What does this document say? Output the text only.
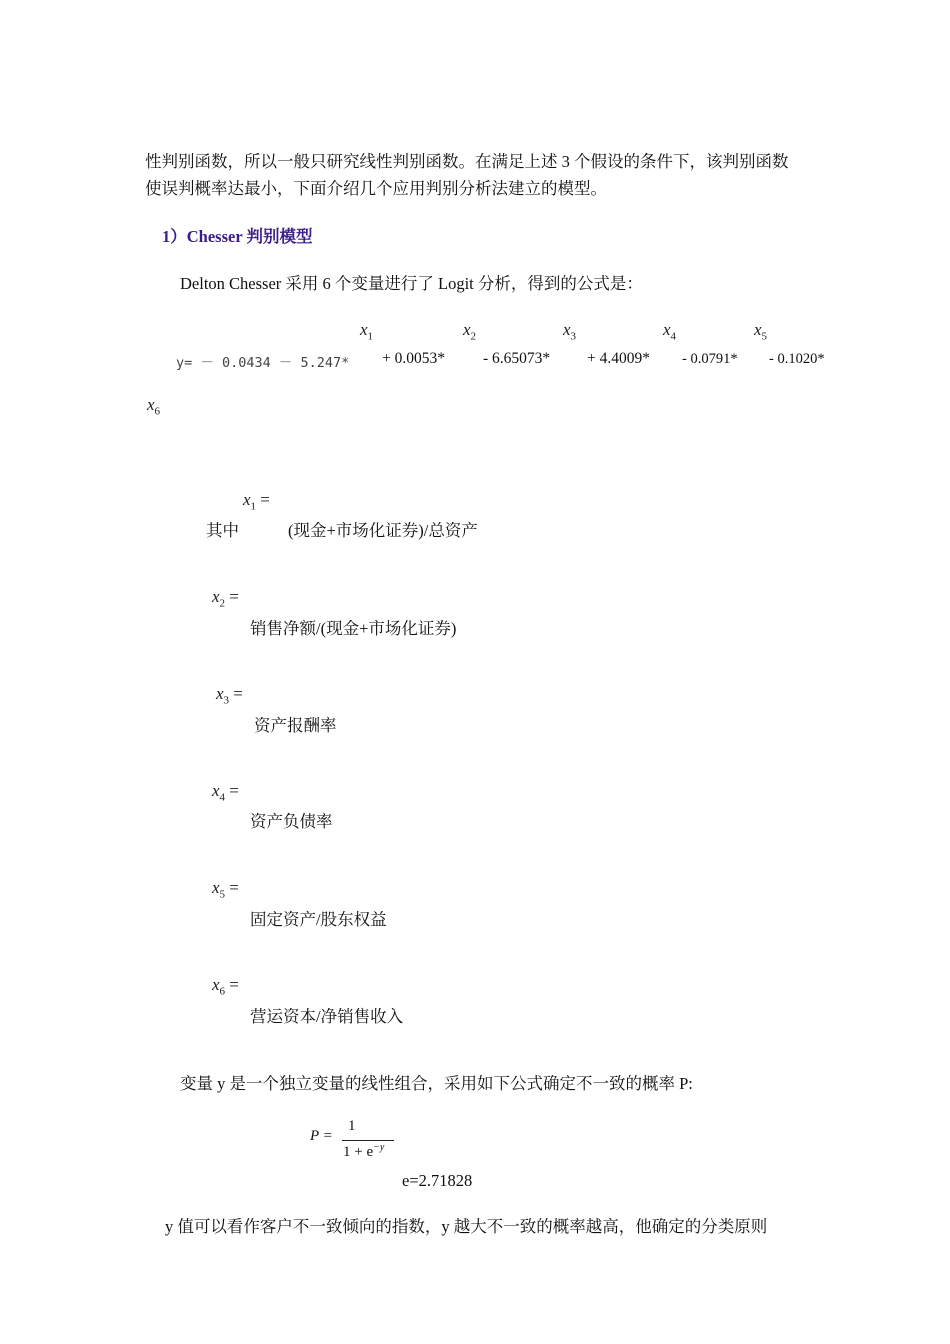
性判别函数，所以一般只研究线性判别函数。在满足上述 3 个假设的条件下，该判别函数
使误判概率达最小，下面介绍几个应用判别分析法建立的模型。
1）Chesser 判别模型
Delton Chesser 采用 6 个变量进行了 Logit 分析，得到的公式是：
$x_1$	$x_2$	$x_3$	$x_4$	$x_5$
y= － 0.0434 － 5.247* + 0.0053* - 6.65073* + 4.4009* - 0.0791* - 0.1020*
$x_6$
$x_1$ =
其中	(现金+市场化证券)/总资产
$x_2$ =
销售净额/(现金+市场化证券)
$x_3$ =
资产报酬率
$x_4$ =
资产负债率
$x_5$ =
固定资产/股东权益
$x_6$ =
营运资本/净销售收入
变量 y 是一个独立变量的线性组合，采用如下公式确定不一致的概率 P:
P =
1
$1 + e^{-y}$
e=2.71828
y 值可以看作客户不一致倾向的指数，y 越大不一致的概率越高，他确定的分类原则
